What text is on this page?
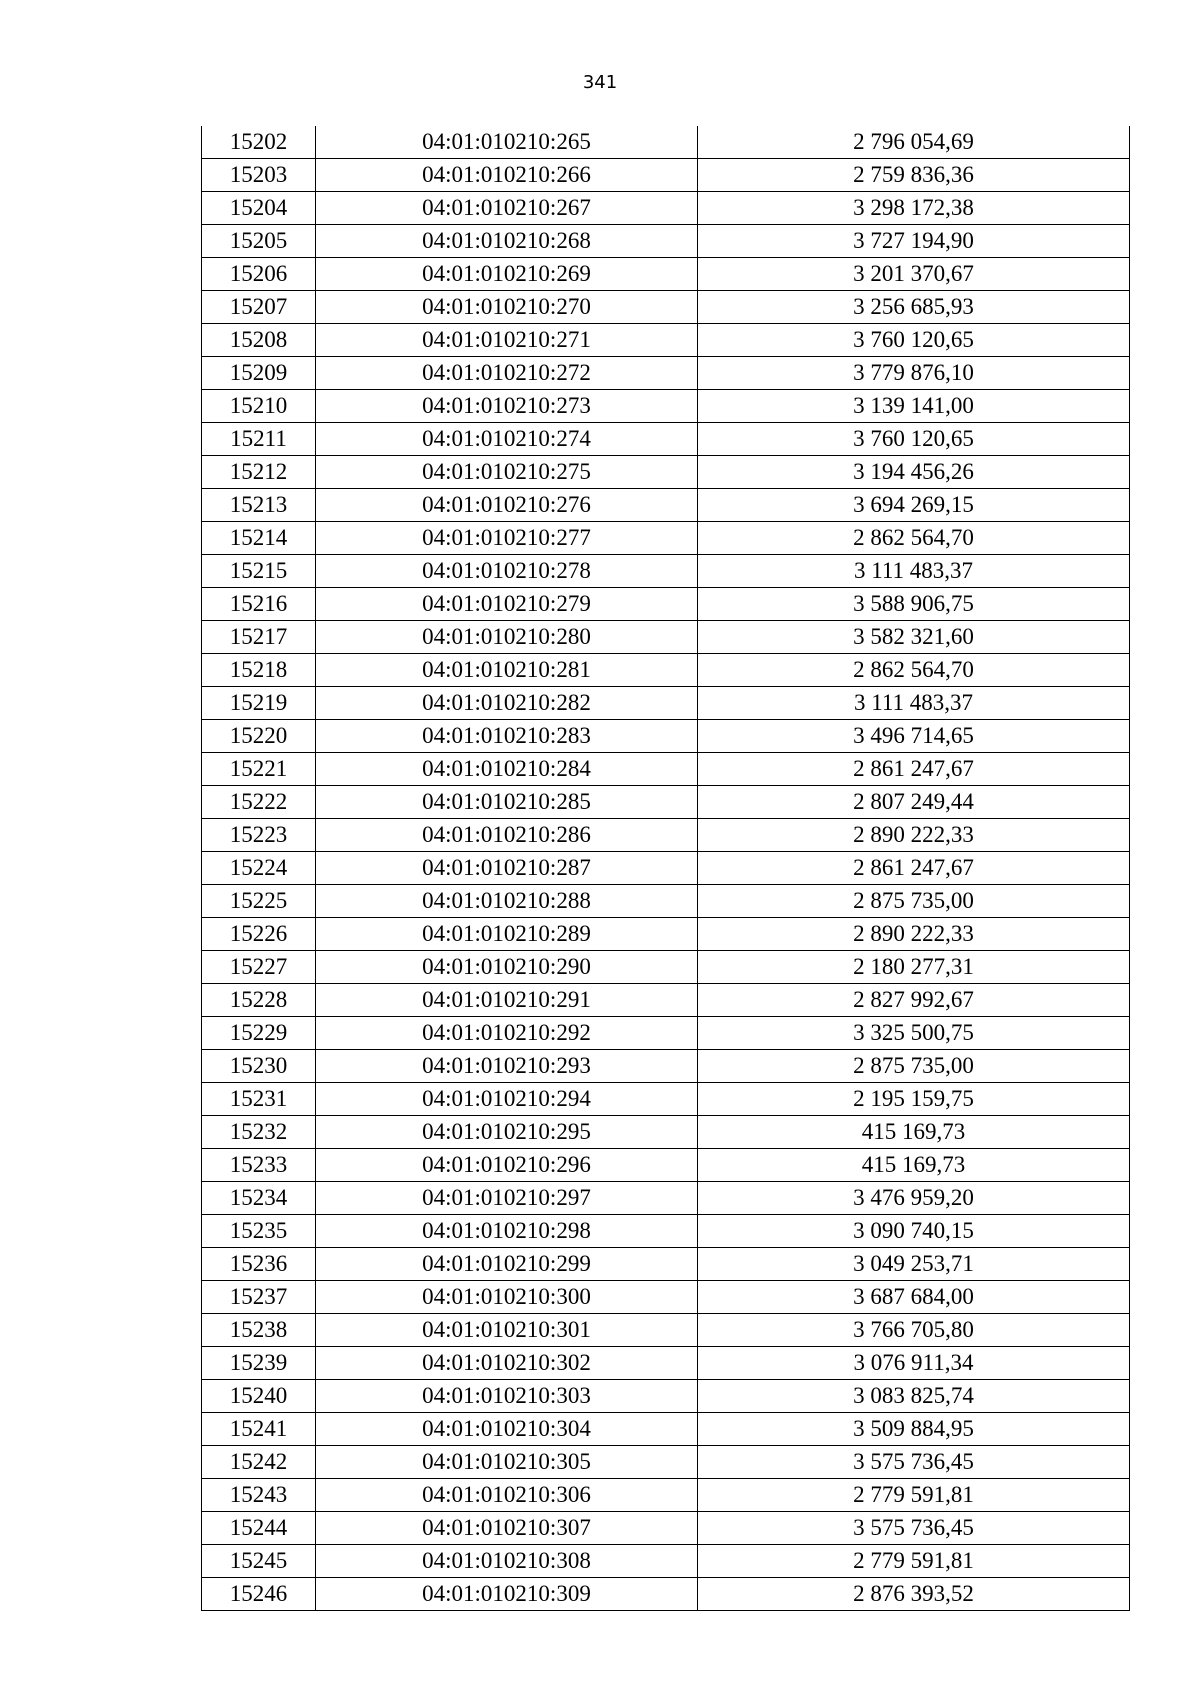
341
15202	04:01:010210:265	2 796 054,69
15203	04:01:010210:266	2 759 836,36
15204	04:01:010210:267	3 298 172,38
15205	04:01:010210:268	3 727 194,90
15206	04:01:010210:269	3 201 370,67
15207	04:01:010210:270	3 256 685,93
15208	04:01:010210:271	3 760 120,65
15209	04:01:010210:272	3 779 876,10
15210	04:01:010210:273	3 139 141,00
15211	04:01:010210:274	3 760 120,65
15212	04:01:010210:275	3 194 456,26
15213	04:01:010210:276	3 694 269,15
15214	04:01:010210:277	2 862 564,70
15215	04:01:010210:278	3 111 483,37
15216	04:01:010210:279	3 588 906,75
15217	04:01:010210:280	3 582 321,60
15218	04:01:010210:281	2 862 564,70
15219	04:01:010210:282	3 111 483,37
15220	04:01:010210:283	3 496 714,65
15221	04:01:010210:284	2 861 247,67
15222	04:01:010210:285	2 807 249,44
15223	04:01:010210:286	2 890 222,33
15224	04:01:010210:287	2 861 247,67
15225	04:01:010210:288	2 875 735,00
15226	04:01:010210:289	2 890 222,33
15227	04:01:010210:290	2 180 277,31
15228	04:01:010210:291	2 827 992,67
15229	04:01:010210:292	3 325 500,75
15230	04:01:010210:293	2 875 735,00
15231	04:01:010210:294	2 195 159,75
15232	04:01:010210:295	415 169,73
15233	04:01:010210:296	415 169,73
15234	04:01:010210:297	3 476 959,20
15235	04:01:010210:298	3 090 740,15
15236	04:01:010210:299	3 049 253,71
15237	04:01:010210:300	3 687 684,00
15238	04:01:010210:301	3 766 705,80
15239	04:01:010210:302	3 076 911,34
15240	04:01:010210:303	3 083 825,74
15241	04:01:010210:304	3 509 884,95
15242	04:01:010210:305	3 575 736,45
15243	04:01:010210:306	2 779 591,81
15244	04:01:010210:307	3 575 736,45
15245	04:01:010210:308	2 779 591,81
15246	04:01:010210:309	2 876 393,52
